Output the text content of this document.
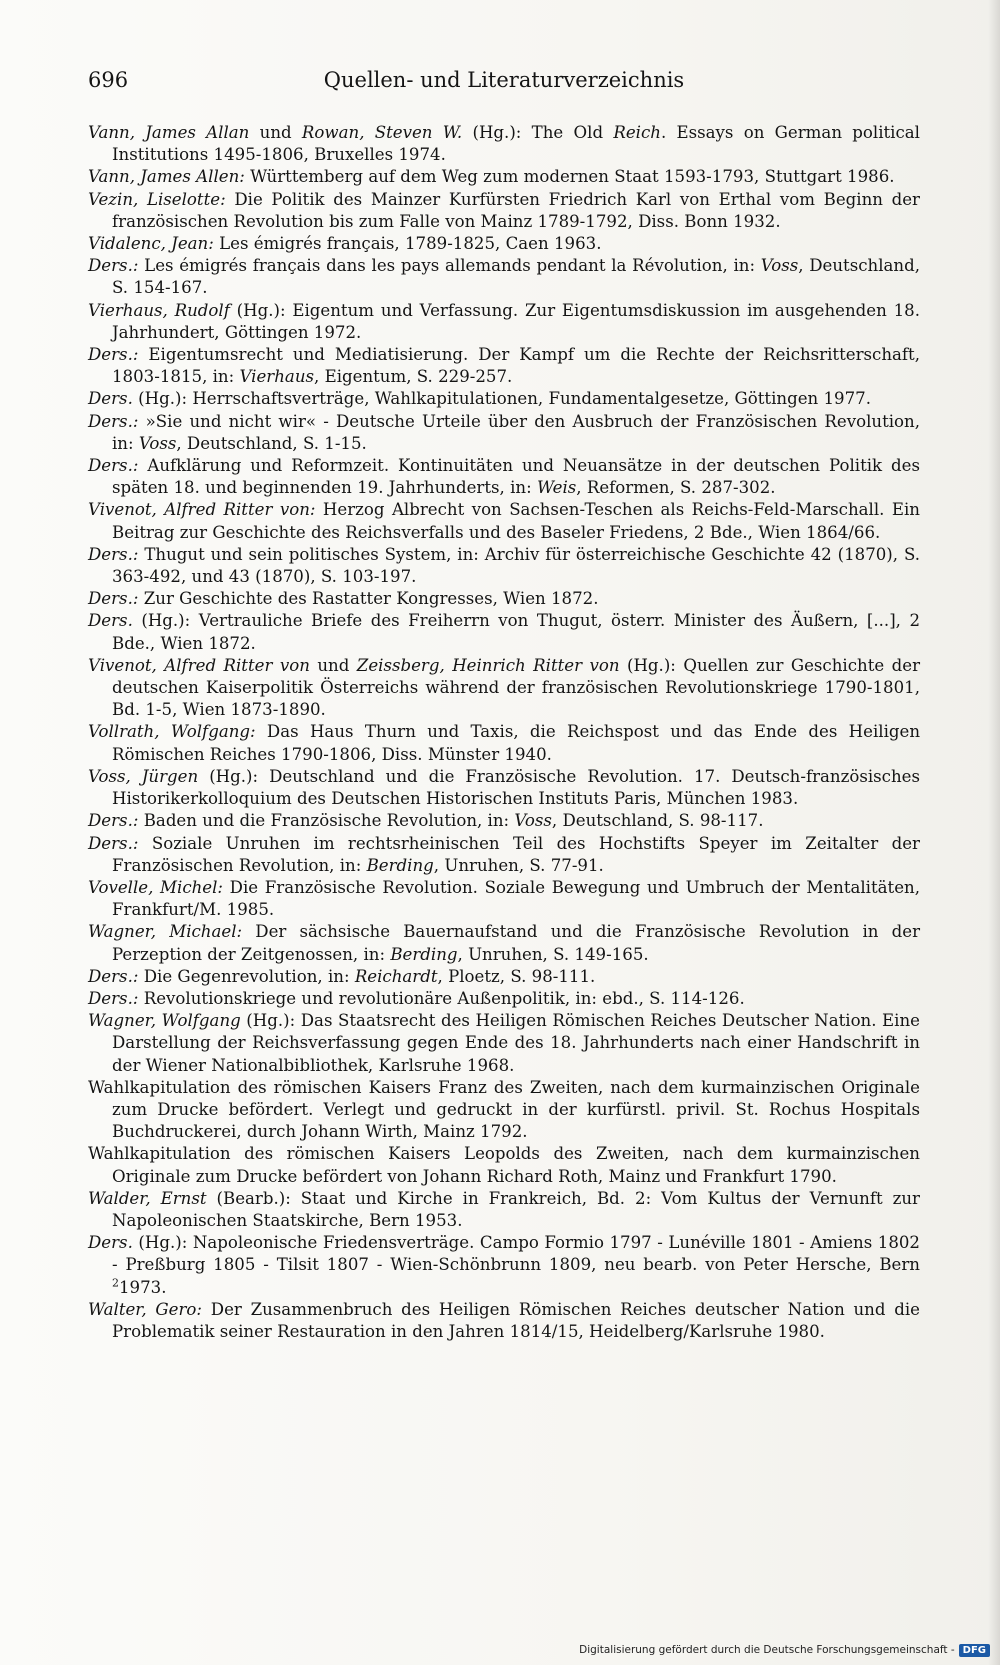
696	Quellen- und Literaturverzeichnis

Vann, James Allan und Rowan, Steven W. (Hg.): The Old Reich. Essays on German political Institutions 1495-1806, Bruxelles 1974.

Vann, James Allen: Württemberg auf dem Weg zum modernen Staat 1593-1793, Stuttgart 1986.

Vezin, Liselotte: Die Politik des Mainzer Kurfürsten Friedrich Karl von Erthal vom Beginn der französischen Revolution bis zum Falle von Mainz 1789-1792, Diss. Bonn 1932.

Vidalenc, Jean: Les émigrés français, 1789-1825, Caen 1963.

Ders.: Les émigrés français dans les pays allemands pendant la Révolution, in: Voss, Deutschland, S. 154-167.

Vierhaus, Rudolf (Hg.): Eigentum und Verfassung. Zur Eigentumsdiskussion im ausgehenden 18. Jahrhundert, Göttingen 1972.

Ders.: Eigentumsrecht und Mediatisierung. Der Kampf um die Rechte der Reichsritterschaft, 1803-1815, in: Vierhaus, Eigentum, S. 229-257.

Ders. (Hg.): Herrschaftsverträge, Wahlkapitulationen, Fundamentalgesetze, Göttingen 1977.

Ders.: »Sie und nicht wir« - Deutsche Urteile über den Ausbruch der Französischen Revolution, in: Voss, Deutschland, S. 1-15.

Ders.: Aufklärung und Reformzeit. Kontinuitäten und Neuansätze in der deutschen Politik des späten 18. und beginnenden 19. Jahrhunderts, in: Weis, Reformen, S. 287-302.

Vivenot, Alfred Ritter von: Herzog Albrecht von Sachsen-Teschen als Reichs-Feld-Marschall. Ein Beitrag zur Geschichte des Reichsverfalls und des Baseler Friedens, 2 Bde., Wien 1864/66.

Ders.: Thugut und sein politisches System, in: Archiv für österreichische Geschichte 42 (1870), S. 363-492, und 43 (1870), S. 103-197.

Ders.: Zur Geschichte des Rastatter Kongresses, Wien 1872.

Ders. (Hg.): Vertrauliche Briefe des Freiherrn von Thugut, österr. Minister des Äußern, [...], 2 Bde., Wien 1872.

Vivenot, Alfred Ritter von und Zeissberg, Heinrich Ritter von (Hg.): Quellen zur Geschichte der deutschen Kaiserpolitik Österreichs während der französischen Revolutionskriege 1790-1801, Bd. 1-5, Wien 1873-1890.

Vollrath, Wolfgang: Das Haus Thurn und Taxis, die Reichspost und das Ende des Heiligen Römischen Reiches 1790-1806, Diss. Münster 1940.

Voss, Jürgen (Hg.): Deutschland und die Französische Revolution. 17. Deutsch-französisches Historikerkolloquium des Deutschen Historischen Instituts Paris, München 1983.

Ders.: Baden und die Französische Revolution, in: Voss, Deutschland, S. 98-117.

Ders.: Soziale Unruhen im rechtsrheinischen Teil des Hochstifts Speyer im Zeitalter der Französischen Revolution, in: Berding, Unruhen, S. 77-91.

Vovelle, Michel: Die Französische Revolution. Soziale Bewegung und Umbruch der Mentalitäten, Frankfurt/M. 1985.

Wagner, Michael: Der sächsische Bauernaufstand und die Französische Revolution in der Perzeption der Zeitgenossen, in: Berding, Unruhen, S. 149-165.

Ders.: Die Gegenrevolution, in: Reichardt, Ploetz, S. 98-111.

Ders.: Revolutionskriege und revolutionäre Außenpolitik, in: ebd., S. 114-126.

Wagner, Wolfgang (Hg.): Das Staatsrecht des Heiligen Römischen Reiches Deutscher Nation. Eine Darstellung der Reichsverfassung gegen Ende des 18. Jahrhunderts nach einer Handschrift in der Wiener Nationalbibliothek, Karlsruhe 1968.

Wahlkapitulation des römischen Kaisers Franz des Zweiten, nach dem kurmainzischen Originale zum Drucke befördert. Verlegt und gedruckt in der kurfürstl. privil. St. Rochus Hospitals Buchdruckerei, durch Johann Wirth, Mainz 1792.

Wahlkapitulation des römischen Kaisers Leopolds des Zweiten, nach dem kurmainzischen Originale zum Drucke befördert von Johann Richard Roth, Mainz und Frankfurt 1790.

Walder, Ernst (Bearb.): Staat und Kirche in Frankreich, Bd. 2: Vom Kultus der Vernunft zur Napoleonischen Staatskirche, Bern 1953.

Ders. (Hg.): Napoleonische Friedensverträge. Campo Formio 1797 - Lunéville 1801 - Amiens 1802 - Preßburg 1805 - Tilsit 1807 - Wien-Schönbrunn 1809, neu bearb. von Peter Hersche, Bern $^2$1973.

Walter, Gero: Der Zusammenbruch des Heiligen Römischen Reiches deutscher Nation und die Problematik seiner Restauration in den Jahren 1814/15, Heidelberg/Karlsruhe 1980.

Digitalisierung gefördert durch die Deutsche Forschungsgemeinschaft - DFG
